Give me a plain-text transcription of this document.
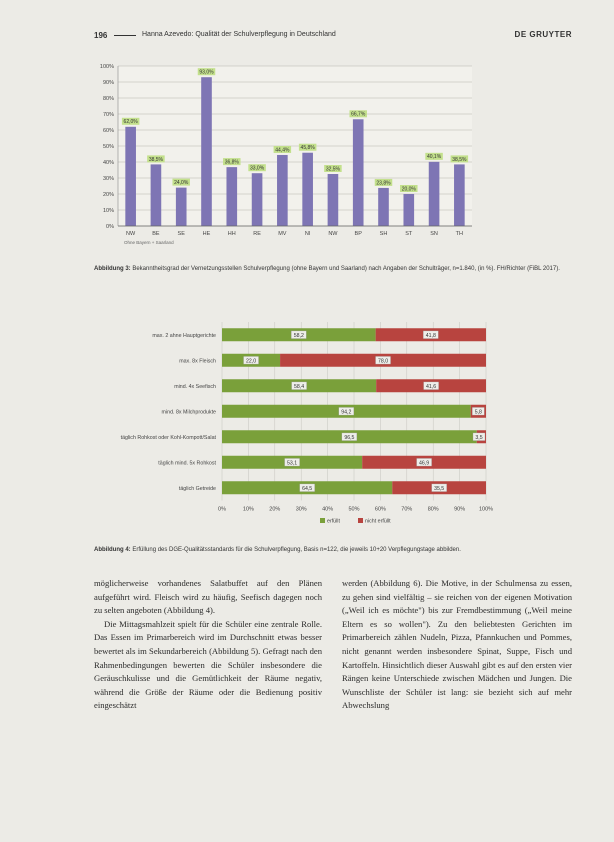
196	Hanna Azevedo: Qualität der Schulverpflegung in Deutschland	DE GRUYTER
0%
10%
20%
30%
40%
50%
60%
70%
80%
90%
100%
62,0%
NW
38,5%
BE
24,0%
SE
93,0%
HE
36,8%
HH
33,0%
RE
44,4%
MV
45,8%
NI
32,5%
NW
66,7%
BP
23,8%
SH
20,0%
ST
40,1%
SN
38,5%
TH
Ohne Bayern + Saarland
Abbildung 3: Bekanntheitsgrad der Vernetzungsstellen Schulverpflegung (ohne Bayern und Saarland) nach Angaben der Schulträger, n=1.840, (in %). FH/Richter (FiBL 2017).
0%	10%	20%	30%	40%	50%	60%	70%	80%	90%	100%
max. 2 ahne Hauptgerichte	58,2	41,8
max. 8x Fleisch	22,0	78,0
mind. 4x Seefisch	58,4	41,6
mind. 8x Milchprodukte	94,2	5,8
täglich Rohkost oder Kohl-Kompott/Salat	96,5	3,5
täglich mind. 5x Rohkost	53,1	46,9
täglich Getreide	64,5	35,5
erfüllt	nicht erfüllt
Abbildung 4: Erfüllung des DGE-Qualitätsstandards für die Schulverpflegung, Basis n=122, die jeweils 10+20 Verpflegungstage abbilden.

möglicherweise vorhandenes Salatbuffet auf den Plänen aufgeführt wird. Fleisch wird zu häufig, Seefisch dagegen noch zu selten angeboten (Abbildung 4).

Die Mittagsmahlzeit spielt für die Schüler eine zentrale Rolle. Das Essen im Primarbereich wird im Durchschnitt etwas besser bewertet als im Sekundarbereich (Abbildung 5). Gefragt nach den Rahmenbedingungen bewerten die Schüler insbesondere die Geräuschkulisse und die Gemütlichkeit der Räume negativ, während die Größe der Räume oder die Bedienung positiv eingeschätzt

werden (Abbildung 6). Die Motive, in der Schulmensa zu essen, zu gehen sind vielfältig – sie reichen von der eigenen Motivation („Weil ich es möchte") bis zur Fremdbestimmung („Weil meine Eltern es so wollen"). Zu den beliebtesten Gerichten im Primarbereich zählen Nudeln, Pizza, Pfannkuchen und Pommes, nicht genannt werden insbesondere Spinat, Suppe, Fisch und Kartoffeln. Hinsichtlich dieser Auswahl gibt es auf den ersten vier Rängen keine Unterschiede zwischen Mädchen und Jungen. Die Wunschliste der Schüler ist lang: sie bezieht sich auf mehr Abwechslung
